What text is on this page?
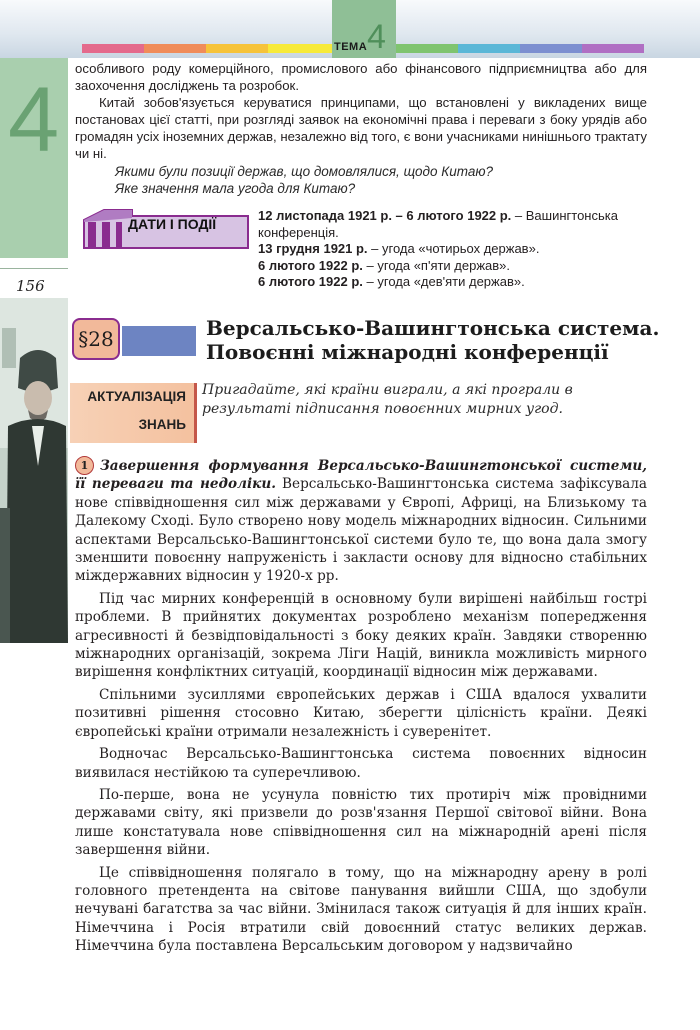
4
ТЕМА
4
156

особливого роду комерційного, промислового або фінансового підприємництва або для заохочення досліджень та розробок.

Китай зобов'язується керуватися принципами, що встановлені у викладених вище постановах цієї статті, при розгляді заявок на економічні права і переваги з боку урядів або громадян усіх іноземних держав, незалежно від того, є вони учасниками нинішнього трактату чи ні.

Якими були позиції держав, що домовлялися, щодо Китаю?
Яке значення мала угода для Китаю?
ДАТИ І ПОДІЇ
12 листопада 1921 р. – 6 лютого 1922 р. – Вашингтонська конференція.
13 грудня 1921 р. – угода «чотирьох держав».
6 лютого 1922 р. – угода «п'яти держав».
6 лютого 1922 р. – угода «дев'яти держав».
§28	Версальсько-Вашингтонська система.
Повоєнні міжнародні конференції
АКТУАЛІЗАЦІЯ
ЗНАНЬ
Пригадайте, які країни виграли, а які програли в результаті підписання повоєнних мирних угод.

1 Завершення формування Версальсько-Вашингтонської системи, її переваги та недоліки. Версальсько-Вашингтонська система зафіксувала нове співвідношення сил між державами у Європі, Африці, на Близькому та Далекому Сході. Було створено нову модель міжнародних відносин. Сильними аспектами Версальсько-Вашингтонської системи було те, що вона дала змогу зменшити повоєнну напруженість і закласти основу для відносно стабільних міждержавних відносин у 1920-х рр.

Під час мирних конференцій в основному були вирішені найбільш гострі проблеми. В прийнятих документах розроблено механізм попередження агресивності й безвідповідальності з боку деяких країн. Завдяки створенню міжнародних організацій, зокрема Ліги Націй, виникла можливість мирного вирішення конфліктних ситуацій, координації відносин між державами.

Спільними зусиллями європейських держав і США вдалося ухвалити позитивні рішення стосовно Китаю, зберегти цілісність країни. Деякі європейські країни отримали незалежність і суверенітет.

Водночас Версальсько-Вашингтонська система повоєнних відносин виявилася нестійкою та суперечливою.

По-перше, вона не усунула повністю тих протиріч між провідними державами світу, які призвели до розв'язання Першої світової війни. Вона лише констатувала нове співвідношення сил на міжнародній арені після завершення війни.

Це співвідношення полягало в тому, що на міжнародну арену в ролі головного претендента на світове панування вийшли США, що здобули нечувані багатства за час війни. Змінилася також ситуація й для інших країн. Німеччина і Росія втратили свій довоєнний статус великих держав. Німеччина була поставлена Версальським договором у надзвичайно
